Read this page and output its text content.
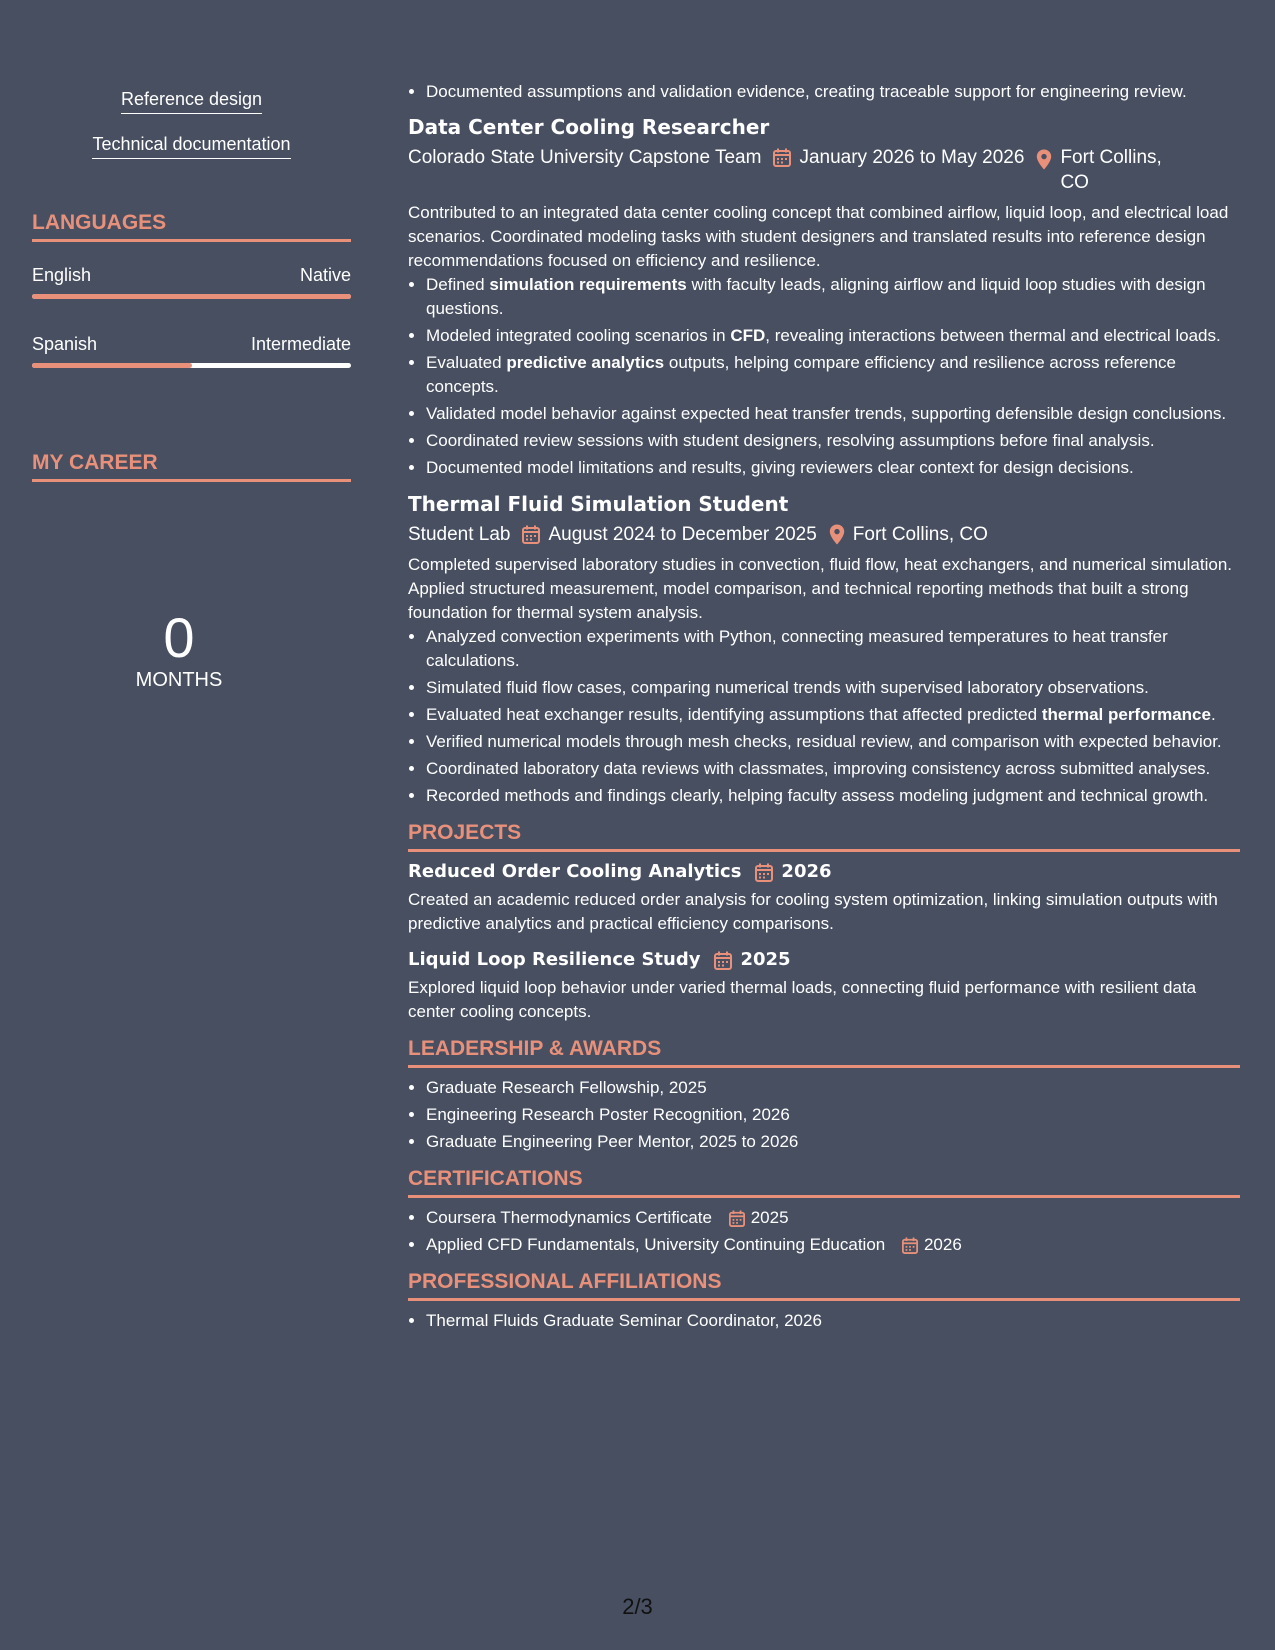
Reference design
Technical documentation
LANGUAGES
English	Native
Spanish	Intermediate
MY CAREER
0
MONTHS
• Documented assumptions and validation evidence, creating traceable support for engineering review.
Data Center Cooling Researcher
Colorado State University Capstone Team January 2026 to May 2026 Fort Collins, CO
Contributed to an integrated data center cooling concept that combined airflow, liquid loop, and electrical load scenarios. Coordinated modeling tasks with student designers and translated results into reference design recommendations focused on efficiency and resilience.
• Defined simulation requirements with faculty leads, aligning airflow and liquid loop studies with design questions.
• Modeled integrated cooling scenarios in CFD, revealing interactions between thermal and electrical loads.
• Evaluated predictive analytics outputs, helping compare efficiency and resilience across reference concepts.
• Validated model behavior against expected heat transfer trends, supporting defensible design conclusions.
• Coordinated review sessions with student designers, resolving assumptions before final analysis.
• Documented model limitations and results, giving reviewers clear context for design decisions.
Thermal Fluid Simulation Student
Student Lab August 2024 to December 2025 Fort Collins, CO
Completed supervised laboratory studies in convection, fluid flow, heat exchangers, and numerical simulation. Applied structured measurement, model comparison, and technical reporting methods that built a strong foundation for thermal system analysis.
• Analyzed convection experiments with Python, connecting measured temperatures to heat transfer calculations.
• Simulated fluid flow cases, comparing numerical trends with supervised laboratory observations.
• Evaluated heat exchanger results, identifying assumptions that affected predicted thermal performance.
• Verified numerical models through mesh checks, residual review, and comparison with expected behavior.
• Coordinated laboratory data reviews with classmates, improving consistency across submitted analyses.
• Recorded methods and findings clearly, helping faculty assess modeling judgment and technical growth.
PROJECTS
Reduced Order Cooling Analytics 2026
Created an academic reduced order analysis for cooling system optimization, linking simulation outputs with predictive analytics and practical efficiency comparisons.
Liquid Loop Resilience Study 2025
Explored liquid loop behavior under varied thermal loads, connecting fluid performance with resilient data center cooling concepts.
LEADERSHIP & AWARDS
• Graduate Research Fellowship, 2025
• Engineering Research Poster Recognition, 2026
• Graduate Engineering Peer Mentor, 2025 to 2026
CERTIFICATIONS
• Coursera Thermodynamics Certificate 2025
• Applied CFD Fundamentals, University Continuing Education 2026
PROFESSIONAL AFFILIATIONS
• Thermal Fluids Graduate Seminar Coordinator, 2026
2/3
